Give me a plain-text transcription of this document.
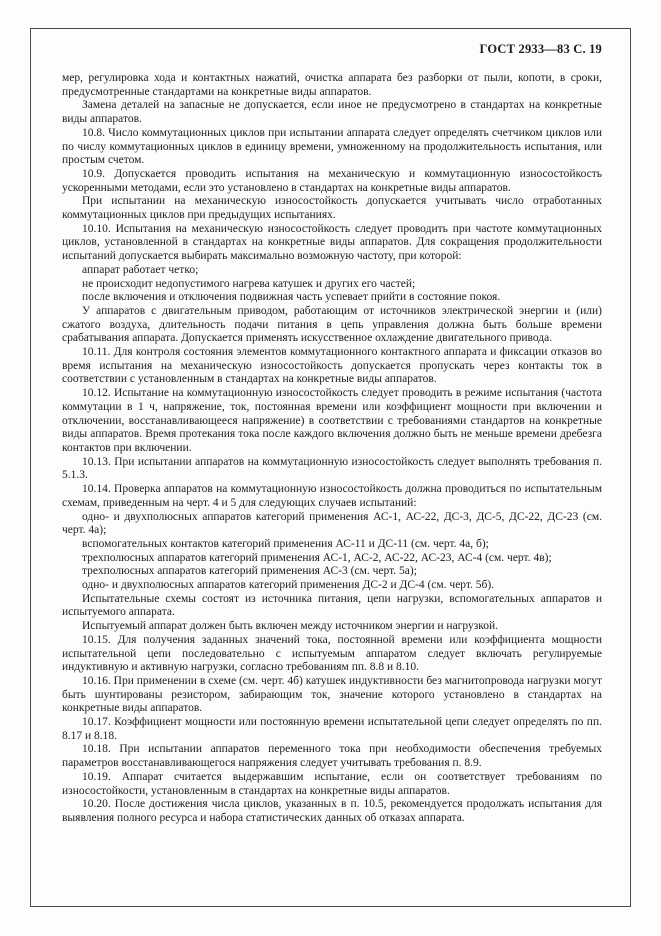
ГОСТ 2933—83 С. 19

мер, регулировка хода и контактных нажатий, очистка аппарата без разборки от пыли, копоти, в сроки, предусмотренные стандартами на конкретные виды аппаратов.

Замена деталей на запасные не допускается, если иное не предусмотрено в стандартах на конкретные виды аппаратов.

10.8. Число коммутационных циклов при испытании аппарата следует определять счетчиком циклов или по числу коммутационных циклов в единицу времени, умноженному на продолжительность испытания, или простым счетом.

10.9. Допускается проводить испытания на механическую и коммутационную износостойкость ускоренными методами, если это установлено в стандартах на конкретные виды аппаратов.

При испытании на механическую износостойкость допускается учитывать число отработанных коммутационных циклов при предыдущих испытаниях.

10.10. Испытания на механическую износостойкость следует проводить при частоте коммутационных циклов, установленной в стандартах на конкретные виды аппаратов. Для сокращения продолжительности испытаний допускается выбирать максимально возможную частоту, при которой:

аппарат работает четко;

не происходит недопустимого нагрева катушек и других его частей;

после включения и отключения подвижная часть успевает прийти в состояние покоя.

У аппаратов с двигательным приводом, работающим от источников электрической энергии и (или) сжатого воздуха, длительность подачи питания в цепь управления должна быть больше времени срабатывания аппарата. Допускается применять искусственное охлаждение двигательного привода.

10.11. Для контроля состояния элементов коммутационного контактного аппарата и фиксации отказов во время испытания на механическую износостойкость допускается пропускать через контакты ток в соответствии с установленным в стандартах на конкретные виды аппаратов.

10.12. Испытание на коммутационную износостойкость следует проводить в режиме испытания (частота коммутации в 1 ч, напряжение, ток, постоянная времени или коэффициент мощности при включении и отключении, восстанавливающееся напряжение) в соответствии с требованиями стандартов на конкретные виды аппаратов. Время протекания тока после каждого включения должно быть не меньше времени дребезга контактов при включении.

10.13. При испытании аппаратов на коммутационную износостойкость следует выполнять требования п. 5.1.3.

10.14. Проверка аппаратов на коммутационную износостойкость должна проводиться по испытательным схемам, приведенным на черт. 4 и 5 для следующих случаев испытаний:

одно- и двухполюсных аппаратов категорий применения АС-1, АС-22, ДС-3, ДС-5, ДС-22, ДС-23 (см. черт. 4а);

вспомогательных контактов категорий применения АС-11 и ДС-11 (см. черт. 4а, б);

трехполюсных аппаратов категорий применения АС-1, АС-2, АС-22, АС-23, АС-4 (см. черт. 4в);

трехполюсных аппаратов категорий применения АС-3 (см. черт. 5а);

одно- и двухполюсных аппаратов категорий применения ДС-2 и ДС-4 (см. черт. 5б).

Испытательные схемы состоят из источника питания, цепи нагрузки, вспомогательных аппаратов и испытуемого аппарата.

Испытуемый аппарат должен быть включен между источником энергии и нагрузкой.

10.15. Для получения заданных значений тока, постоянной времени или коэффициента мощности испытательной цепи последовательно с испытуемым аппаратом следует включать регулируемые индуктивную и активную нагрузки, согласно требованиям пп. 8.8 и 8.10.

10.16. При применении в схеме (см. черт. 4б) катушек индуктивности без магнитопровода нагрузки могут быть шунтированы резистором, забирающим ток, значение которого установлено в стандартах на конкретные виды аппаратов.

10.17. Коэффициент мощности или постоянную времени испытательной цепи следует определять по пп. 8.17 и 8.18.

10.18. При испытании аппаратов переменного тока при необходимости обеспечения требуемых параметров восстанавливающегося напряжения следует учитывать требования п. 8.9.

10.19. Аппарат считается выдержавшим испытание, если он соответствует требованиям по износостойкости, установленным в стандартах на конкретные виды аппаратов.

10.20. После достижения числа циклов, указанных в п. 10.5, рекомендуется продолжать испытания для выявления полного ресурса и набора статистических данных об отказах аппарата.
